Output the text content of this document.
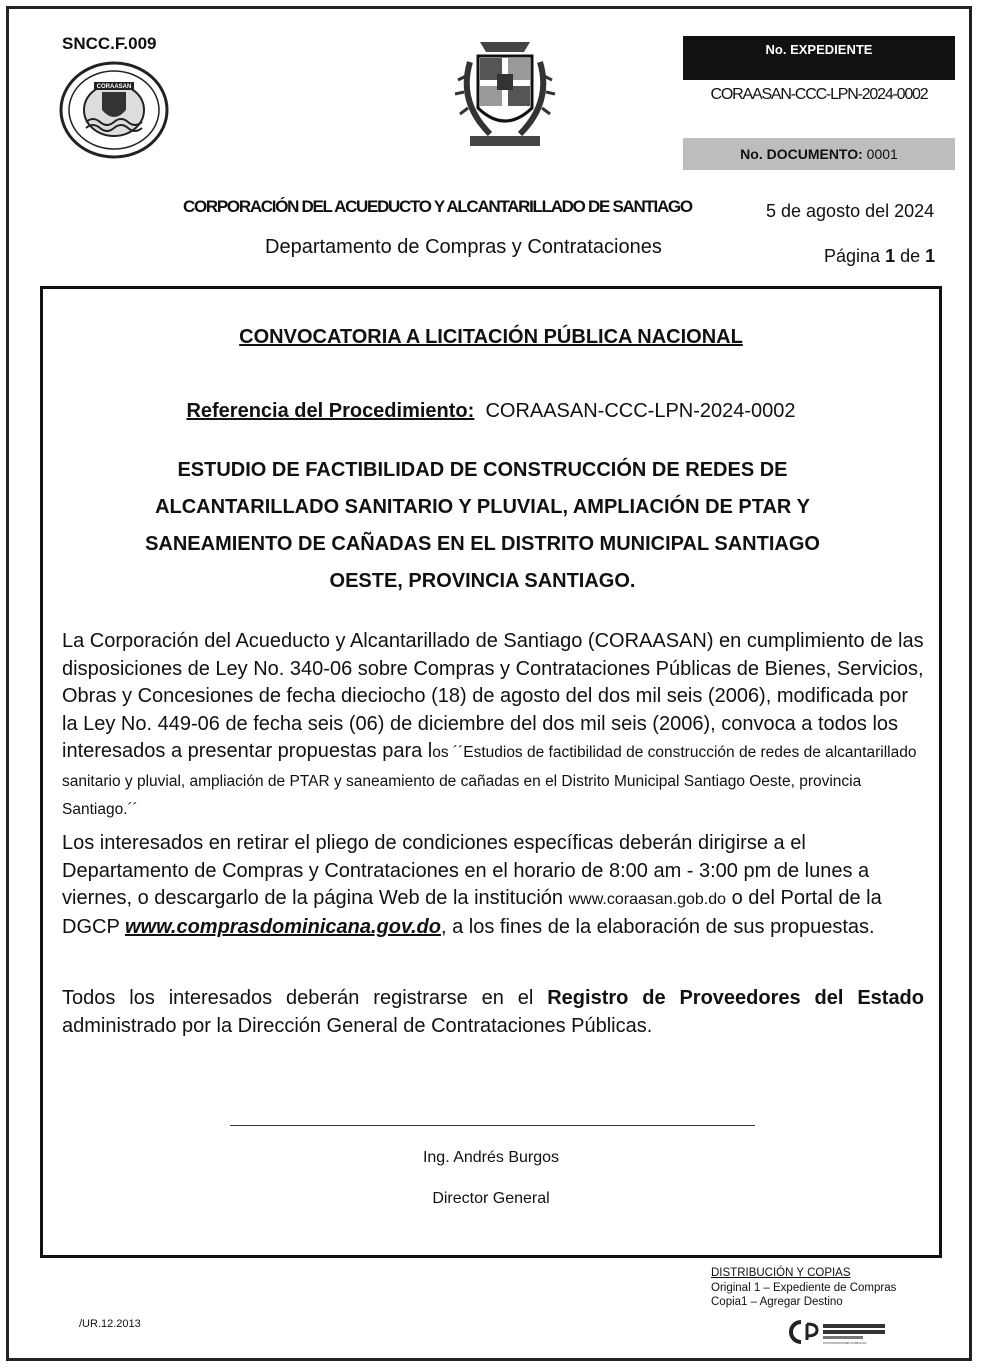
SNCC.F.009
CORAASAN
No. EXPEDIENTE
CORAASAN-CCC-LPN-2024-0002
No. DOCUMENTO: 0001
CORPORACIÓN DEL ACUEDUCTO Y ALCANTARILLADO DE SANTIAGO	5 de agosto del 2024
Departamento de Compras y Contrataciones	Página 1 de 1
CONVOCATORIA A LICITACIÓN PÚBLICA NACIONAL
Referencia del Procedimiento: CORAASAN-CCC-LPN-2024-0002
ESTUDIO DE FACTIBILIDAD DE CONSTRUCCIÓN DE REDES DE
ALCANTARILLADO SANITARIO Y PLUVIAL, AMPLIACIÓN DE PTAR Y
SANEAMIENTO DE CAÑADAS EN EL DISTRITO MUNICIPAL SANTIAGO
OESTE, PROVINCIA SANTIAGO.
La Corporación del Acueducto y Alcantarillado de Santiago (CORAASAN) en cumplimiento de las disposiciones de Ley No. 340-06 sobre Compras y Contrataciones Públicas de Bienes, Servicios, Obras y Concesiones de fecha dieciocho (18) de agosto del dos mil seis (2006), modificada por la Ley No. 449-06 de fecha seis (06) de diciembre del dos mil seis (2006), convoca a todos los interesados a presentar propuestas para los ´´Estudios de factibilidad de construcción de redes de alcantarillado sanitario y pluvial, ampliación de PTAR y saneamiento de cañadas en el Distrito Municipal Santiago Oeste, provincia Santiago.´´
Los interesados en retirar el pliego de condiciones específicas deberán dirigirse a el Departamento de Compras y Contrataciones en el horario de 8:00 am - 3:00 pm de lunes a viernes, o descargarlo de la página Web de la institución www.coraasan.gob.do o del Portal de la DGCP www.comprasdominicana.gov.do, a los fines de la elaboración de sus propuestas.
Todos los interesados deberán registrarse en el Registro de Proveedores del Estado administrado por la Dirección General de Contrataciones Públicas.
Ing. Andrés Burgos
Director General
DISTRIBUCIÓN Y COPIAS
Original 1 – Expediente de Compras
Copia1 – Agregar Destino
/UR.12.2013
CONTRATACIONES PÚBLICAS
